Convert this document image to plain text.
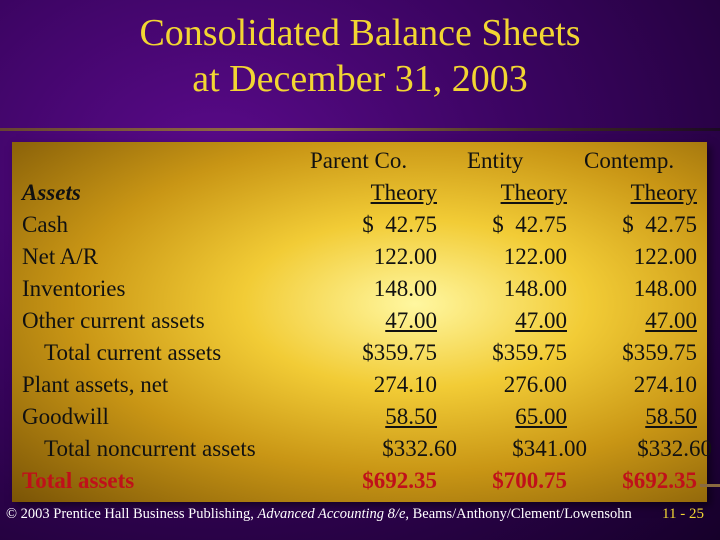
Consolidated Balance Sheets
at December 31, 2003
Parent Co.	Entity	Contemp.
Assets	Theory	Theory	Theory
Cash	$  42.75 $  42.75 $  42.75
Net A/R	122.00	122.00	122.00
Inventories	148.00	148.00	148.00
Other current assets	47.00	47.00	47.00
Total current assets	$359.75 $359.75 $359.75
Plant assets, net	274.10	276.00	274.10
Goodwill	58.50	65.00	58.50
Total noncurrent assets	$332.60 $341.00 $332.60
Total assets	$692.35 $700.75 $692.35
© 2003 Prentice Hall Business Publishing, Advanced Accounting 8/e, Beams/Anthony/Clement/Lowensohn 11 - 25
